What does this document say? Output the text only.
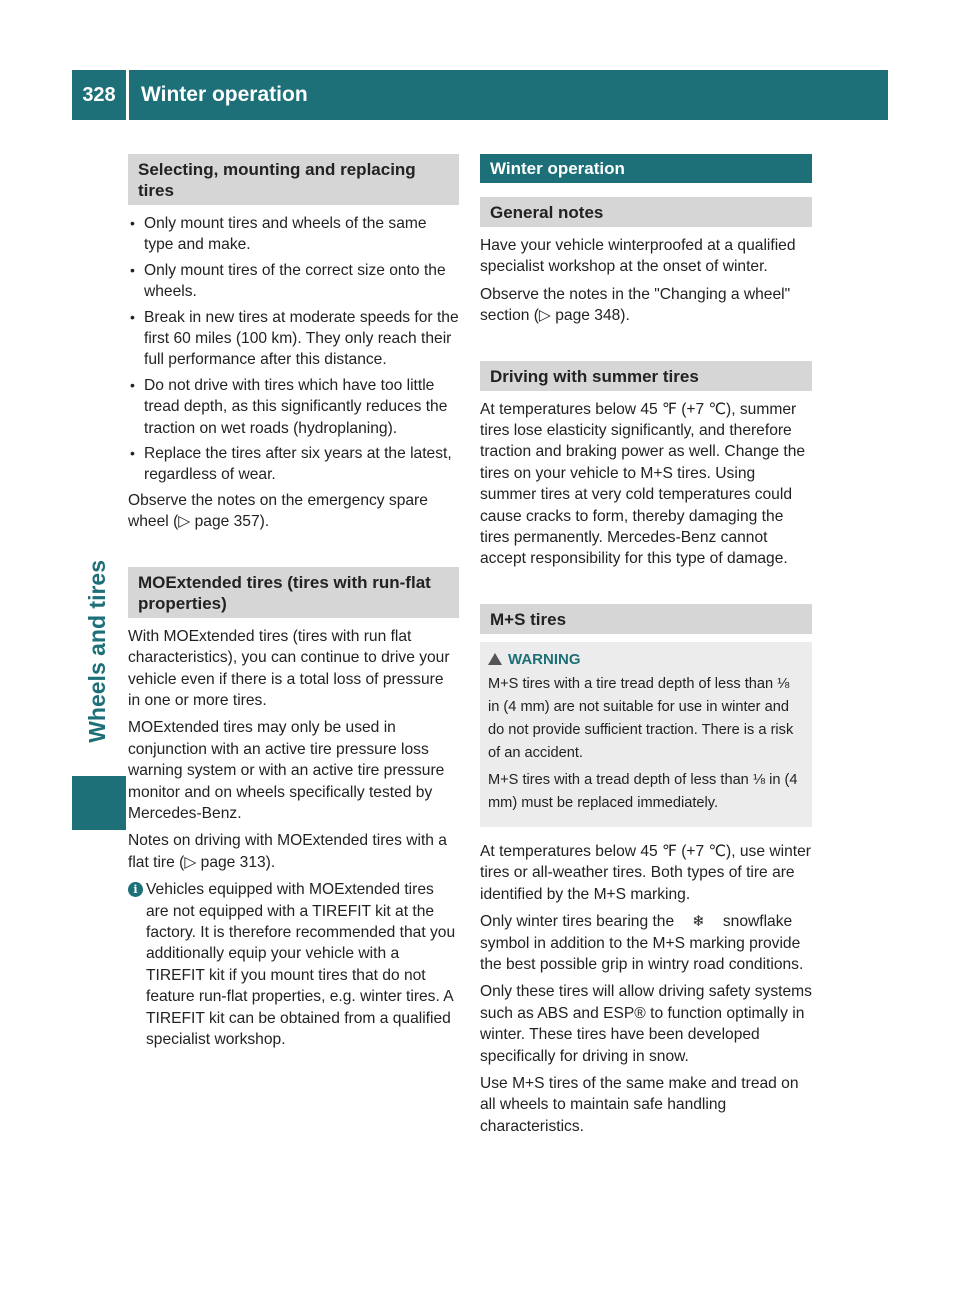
328	Winter operation
Wheels and tires
Selecting, mounting and replacing tires
• Only mount tires and wheels of the same type and make.
• Only mount tires of the correct size onto the wheels.
• Break in new tires at moderate speeds for the first 60 miles (100 km). They only reach their full performance after this distance.
• Do not drive with tires which have too little tread depth, as this significantly reduces the traction on wet roads (hydroplaning).
• Replace the tires after six years at the latest, regardless of wear.

Observe the notes on the emergency spare wheel (▷ page 357).

MOExtended tires (tires with run-flat properties)

With MOExtended tires (tires with run flat characteristics), you can continue to drive your vehicle even if there is a total loss of pressure in one or more tires.

MOExtended tires may only be used in conjunction with an active tire pressure loss warning system or with an active tire pressure monitor and on wheels specifically tested by Mercedes-Benz.

Notes on driving with MOExtended tires with a flat tire (▷ page 313).

i Vehicles equipped with MOExtended tires are not equipped with a TIREFIT kit at the factory. It is therefore recommended that you additionally equip your vehicle with a TIREFIT kit if you mount tires that do not feature run-flat properties, e.g. winter tires. A TIREFIT kit can be obtained from a qualified specialist workshop.
Winter operation
General notes

Have your vehicle winterproofed at a qualified specialist workshop at the onset of winter.

Observe the notes in the "Changing a wheel" section (▷ page 348).

Driving with summer tires

At temperatures below 45 ℉ (+7 ℃), summer tires lose elasticity significantly, and therefore traction and braking power as well. Change the tires on your vehicle to M+S tires. Using summer tires at very cold temperatures could cause cracks to form, thereby damaging the tires permanently. Mercedes-Benz cannot accept responsibility for this type of damage.

M+S tires
WARNING

M+S tires with a tire tread depth of less than ⅛ in (4 mm) are not suitable for use in winter and do not provide sufficient traction. There is a risk of an accident.

M+S tires with a tread depth of less than ⅛ in (4 mm) must be replaced immediately.

At temperatures below 45 ℉ (+7 ℃), use winter tires or all-weather tires. Both types of tire are identified by the M+S marking.

Only winter tires bearing the ❄ snowflake symbol in addition to the M+S marking provide the best possible grip in wintry road conditions.

Only these tires will allow driving safety systems such as ABS and ESP® to function optimally in winter. These tires have been developed specifically for driving in snow.

Use M+S tires of the same make and tread on all wheels to maintain safe handling characteristics.
